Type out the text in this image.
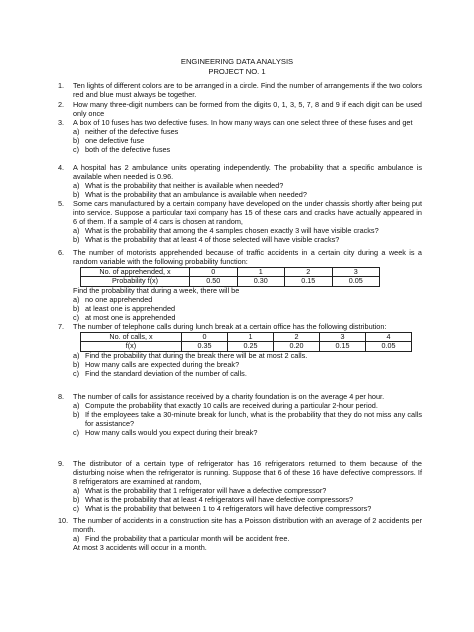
ENGINEERING DATA ANALYSIS
PROJECT NO. 1
1.	Ten lights of different colors are to be arranged in a circle. Find the number of arrangements if the two colors red and blue must always be together.
2.	How many three-digit numbers can be formed from the digits 0, 1, 3, 5, 7, 8 and 9 if each digit can be used only once
3.	A box of 10 fuses has two defective fuses. In how many ways can one select three of these fuses and get
a) neither of the defective fuses
b) one defective fuse
c) both of the defective fuses
4.	A hospital has 2 ambulance units operating independently. The probability that a specific ambulance is available when needed is 0.96.
a) What is the probability that neither is available when needed?
b) What is the probability that an ambulance is available when needed?
5.	Some cars manufactured by a certain company have developed on the under chassis shortly after being put into service. Suppose a particular taxi company has 15 of these cars and cracks have actually appeared in 6 of them. If a sample of 4 cars is chosen at random,
a) What is the probability that among the 4 samples chosen exactly 3 will have visible cracks?
b) What is the probability that at least 4 of those selected will have visible cracks?
6.	The number of motorists apprehended because of traffic accidents in a certain city during a week is a random variable with the following probability function:
No. of apprehended, x	0	1	2	3
Probability f(x)	0.50	0.30	0.15	0.05
Find the probability that during a week, there will be
a) no one apprehended
b) at least one is apprehended
c) at most one is apprehended
7.	The number of telephone calls during lunch break at a certain office has the following distribution:
No. of calls, x	0	1	2	3	4
f(x)	0.35	0.25	0.20	0.15	0.05
a) Find the probability that during the break there will be at most 2 calls.
b) How many calls are expected during the break?
c) Find the standard deviation of the number of calls.
8.	The number of calls for assistance received by a charity foundation is on the average 4 per hour.
a) Compute the probability that exactly 10 calls are received during a particular 2-hour period.
b) If the employees take a 30-minute break for lunch, what is the probability that they do not miss any calls for assistance?
c) How many calls would you expect during their break?
9.	The distributor of a certain type of refrigerator has 16 refrigerators returned to them because of the disturbing noise when the refrigerator is running. Suppose that 6 of these 16 have defective compressors. If 8 refrigerators are examined at random,
a) What is the probability that 1 refrigerator will have a defective compressor?
b) What is the probability that at least 4 refrigerators will have defective compressors?
c) What is the probability that between 1 to 4 refrigerators will have defective compressors?
10. The number of accidents in a construction site has a Poisson distribution with an average of 2 accidents per month.
a) Find the probability that a particular month will be accident free.
At most 3 accidents will occur in a month.
